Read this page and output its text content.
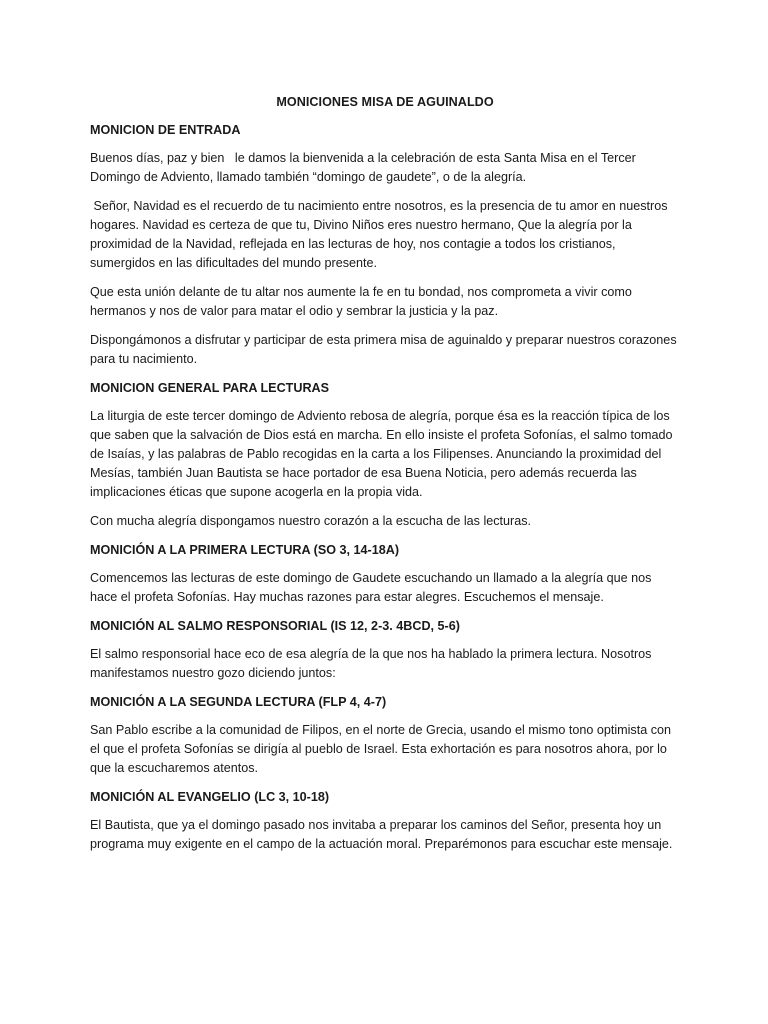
MONICIONES MISA DE AGUINALDO
MONICION DE ENTRADA

Buenos días, paz y bien   le damos la bienvenida a la celebración de esta Santa Misa en el Tercer Domingo de Adviento, llamado también “domingo de gaudete”, o de la alegría.

Señor, Navidad es el recuerdo de tu nacimiento entre nosotros, es la presencia de tu amor en nuestros hogares. Navidad es certeza de que tu, Divino Niños eres nuestro hermano, Que la alegría por la proximidad de la Navidad, reflejada en las lecturas de hoy, nos contagie a todos los cristianos, sumergidos en las dificultades del mundo presente.

Que esta unión delante de tu altar nos aumente la fe en tu bondad, nos comprometa a vivir como hermanos y nos de valor para matar el odio y sembrar la justicia y la paz.

Dispongámonos a disfrutar y participar de esta primera misa de aguinaldo y preparar nuestros corazones para tu nacimiento.

MONICION GENERAL PARA LECTURAS

La liturgia de este tercer domingo de Adviento rebosa de alegría, porque ésa es la reacción típica de los que saben que la salvación de Dios está en marcha. En ello insiste el profeta Sofonías, el salmo tomado de Isaías, y las palabras de Pablo recogidas en la carta a los Filipenses. Anunciando la proximidad del Mesías, también Juan Bautista se hace portador de esa Buena Noticia, pero además recuerda las implicaciones éticas que supone acogerla en la propia vida.

Con mucha alegría dispongamos nuestro corazón a la escucha de las lecturas.

MONICIÓN A LA PRIMERA LECTURA (SO 3, 14-18A)

Comencemos las lecturas de este domingo de Gaudete escuchando un llamado a la alegría que nos hace el profeta Sofonías. Hay muchas razones para estar alegres. Escuchemos el mensaje.

MONICIÓN AL SALMO RESPONSORIAL (IS 12, 2-3. 4BCD, 5-6)

El salmo responsorial hace eco de esa alegría de la que nos ha hablado la primera lectura. Nosotros manifestamos nuestro gozo diciendo juntos:

MONICIÓN A LA SEGUNDA LECTURA (FLP 4, 4-7)

San Pablo escribe a la comunidad de Filipos, en el norte de Grecia, usando el mismo tono optimista con el que el profeta Sofonías se dirigía al pueblo de Israel. Esta exhortación es para nosotros ahora, por lo que la escucharemos atentos.

MONICIÓN AL EVANGELIO (LC 3, 10-18)

El Bautista, que ya el domingo pasado nos invitaba a preparar los caminos del Señor, presenta hoy un programa muy exigente en el campo de la actuación moral. Preparémonos para escuchar este mensaje.
